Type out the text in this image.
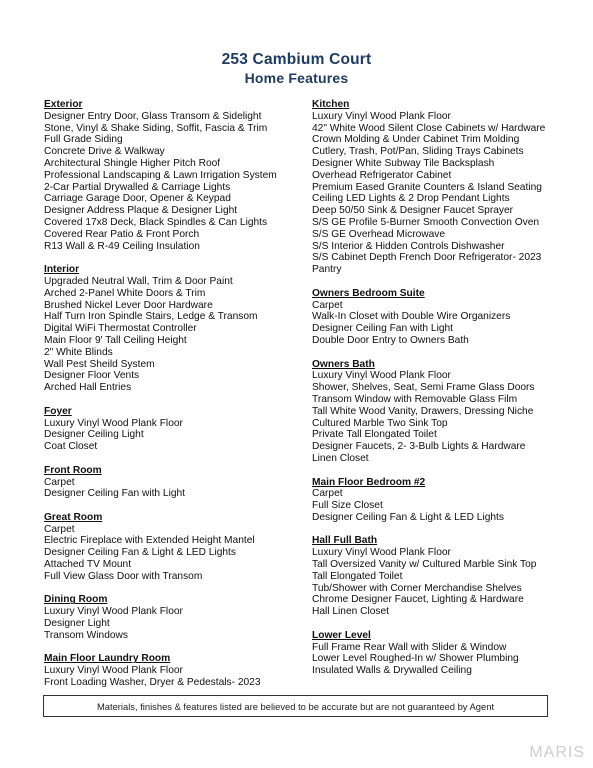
253 Cambium Court
Home Features
Exterior
Designer Entry Door, Glass Transom & Sidelight
Stone, Vinyl & Shake Siding, Soffit, Fascia & Trim
Full Grade Siding
Concrete Drive & Walkway
Architectural Shingle Higher Pitch Roof
Professional Landscaping & Lawn Irrigation System
2-Car Partial Drywalled & Carriage Lights
Carriage Garage Door, Opener & Keypad
Designer Address Plaque & Designer Light
Covered 17x8 Deck, Black Spindles & Can Lights
Covered Rear Patio & Front Porch
R13 Wall & R-49 Ceiling Insulation
Interior
Upgraded Neutral Wall, Trim & Door Paint
Arched 2-Panel White Doors & Trim
Brushed Nickel Lever Door Hardware
Half Turn Iron Spindle Stairs, Ledge & Transom
Digital WiFi Thermostat Controller
Main Floor 9' Tall Ceiling Height
2" White Blinds
Wall Pest Sheild System
Designer Floor Vents
Arched Hall Entries
Foyer
Luxury Vinyl Wood Plank Floor
Designer Ceiling Light
Coat Closet
Front Room
Carpet
Designer Ceiling Fan with Light
Great Room
Carpet
Electric Fireplace with Extended Height Mantel
Designer Ceiling Fan & Light & LED Lights
Attached TV Mount
Full View Glass Door with Transom
Dining Room
Luxury Vinyl Wood Plank Floor
Designer Light
Transom Windows
Main Floor Laundry Room
Luxury Vinyl Wood Plank Floor
Front Loading Washer, Dryer & Pedestals- 2023
Kitchen
Luxury Vinyl Wood Plank Floor
42" White Wood Silent Close Cabinets w/ Hardware
Crown Molding & Under Cabinet Trim Molding
Cutlery, Trash, Pot/Pan, Sliding Trays Cabinets
Designer White Subway Tile Backsplash
Overhead Refrigerator Cabinet
Premium Eased Granite Counters & Island Seating
Ceiling LED Lights & 2 Drop Pendant Lights
Deep 50/50 Sink & Designer Faucet Sprayer
S/S GE Profile 5-Burner Smooth Convection Oven
S/S GE Overhead Microwave
S/S Interior & Hidden Controls Dishwasher
S/S Cabinet Depth French Door Refrigerator- 2023
Pantry
Owners Bedroom Suite
Carpet
Walk-In Closet with Double Wire Organizers
Designer Ceiling Fan with Light
Double Door Entry to Owners Bath
Owners Bath
Luxury Vinyl Wood Plank Floor
Shower, Shelves, Seat, Semi Frame Glass Doors
Transom Window with Removable Glass Film
Tall White Wood Vanity, Drawers, Dressing Niche
Cultured Marble Two Sink Top
Private Tall Elongated Toilet
Designer Faucets, 2- 3-Bulb Lights & Hardware
Linen Closet
Main Floor Bedroom #2
Carpet
Full Size Closet
Designer Ceiling Fan & Light & LED Lights
Hall Full Bath
Luxury Vinyl Wood Plank Floor
Tall Oversized Vanity w/ Cultured Marble Sink Top
Tall Elongated Toilet
Tub/Shower with Corner Merchandise Shelves
Chrome Designer Faucet, Lighting & Hardware
Hall Linen Closet
Lower Level
Full Frame Rear Wall with Slider & Window
Lower Level Roughed-In w/ Shower Plumbing
Insulated Walls & Drywalled Ceiling
Materials, finishes & features listed are believed to be accurate but are not guaranteed by Agent
MARIS
